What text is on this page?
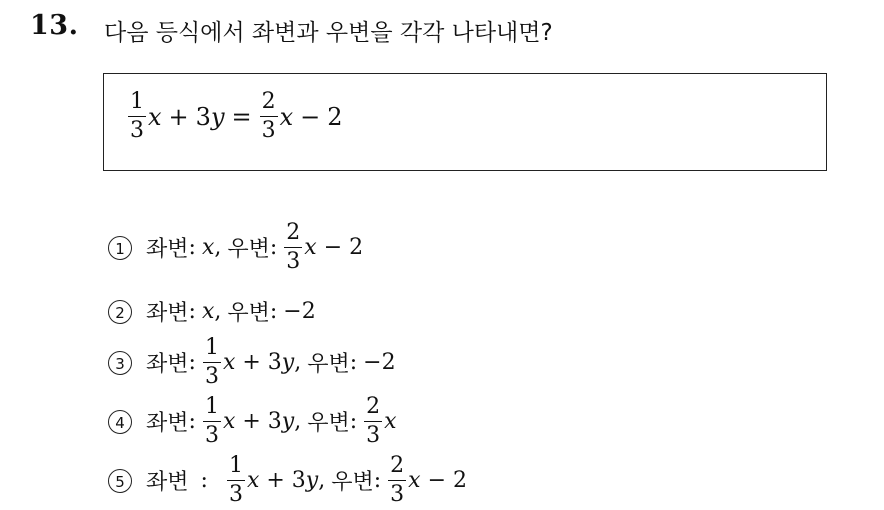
13. 다음 등식에서 좌변과 우변을 각각 나타내면?
$\frac{1}{3}$ x + 3 $y = \frac{2}{3}$ x − 2
1 좌변 : x , 우변 : $\frac{2}{3}$ x − 2
2 좌변 : x , 우변 : −2
3 좌변 : $\frac{1}{3}$ x + 3 y , 우변 : −2
4 좌변 : $\frac{1}{3}$ x + 3 y , 우변 : $\frac{2}{3}$ x
5 좌변 : $\frac{1}{3}$ x + 3 y , 우변 : $\frac{2}{3}$ x − 2
